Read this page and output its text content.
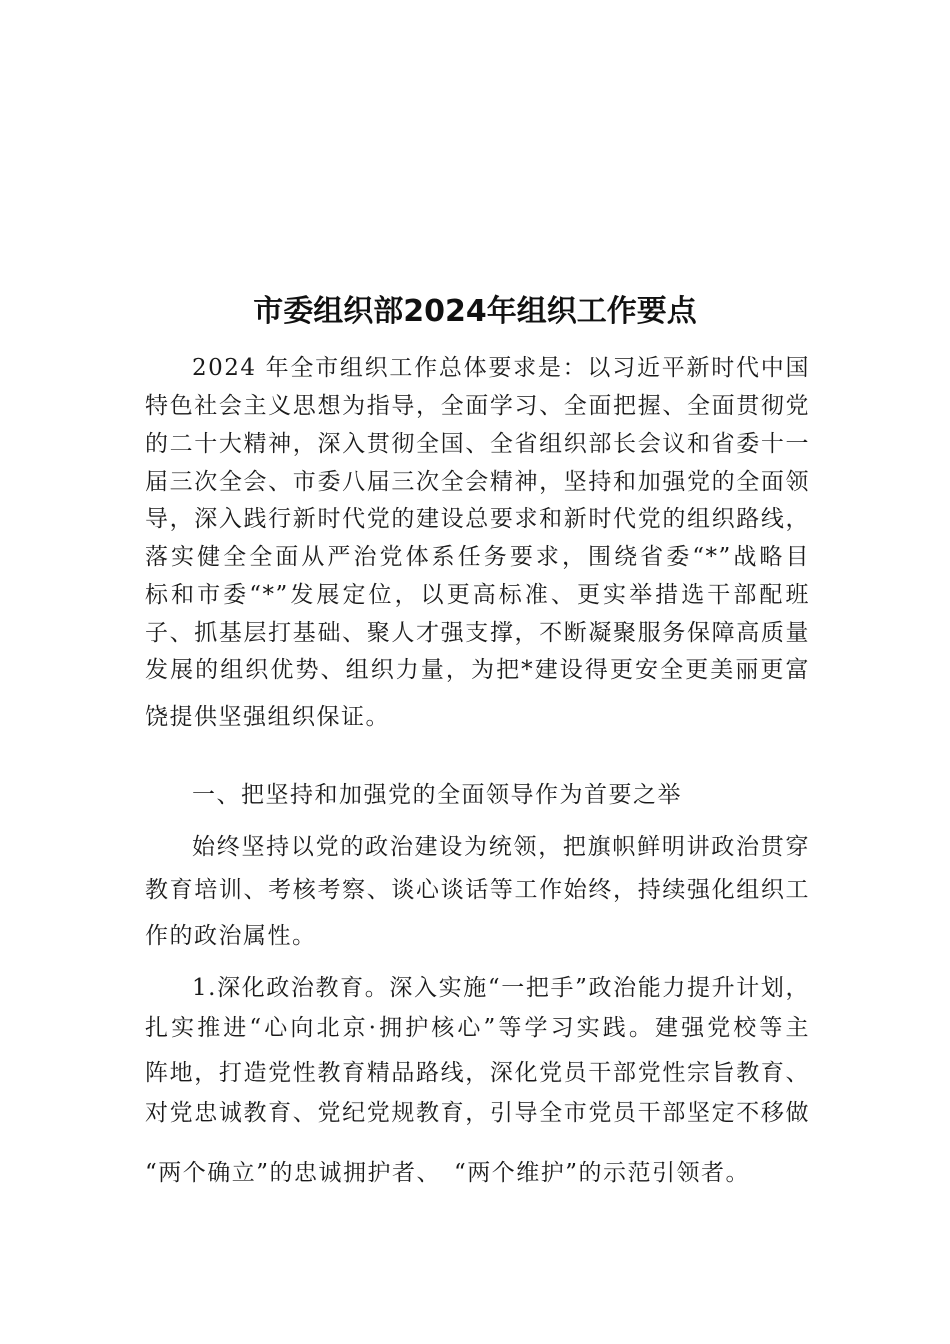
市委组织部2024年组织工作要点
2024 年全市组织工作总体要求是：以习近平新时代中国
特色社会主义思想为指导，全面学习、全面把握、全面贯彻党
的二十大精神，深入贯彻全国、全省组织部长会议和省委十一
届三次全会、市委八届三次全会精神，坚持和加强党的全面领
导，深入践行新时代党的建设总要求和新时代党的组织路线，
落实健全全面从严治党体系任务要求，围绕省委“*”战略目
标和市委“*”发展定位，以更高标准、更实举措选干部配班
子、抓基层打基础、聚人才强支撑，不断凝聚服务保障高质量
发展的组织优势、组织力量，为把*建设得更安全更美丽更富
饶提供坚强组织保证。
一、把坚持和加强党的全面领导作为首要之举
始终坚持以党的政治建设为统领，把旗帜鲜明讲政治贯穿
教育培训、考核考察、谈心谈话等工作始终，持续强化组织工
作的政治属性。
1.深化政治教育。深入实施“一把手”政治能力提升计划，
扎实推进“心向北京·拥护核心”等学习实践。建强党校等主
阵地，打造党性教育精品路线，深化党员干部党性宗旨教育、
对党忠诚教育、党纪党规教育，引导全市党员干部坚定不移做
“两个确立”的忠诚拥护者、　“两个维护”的示范引领者。
